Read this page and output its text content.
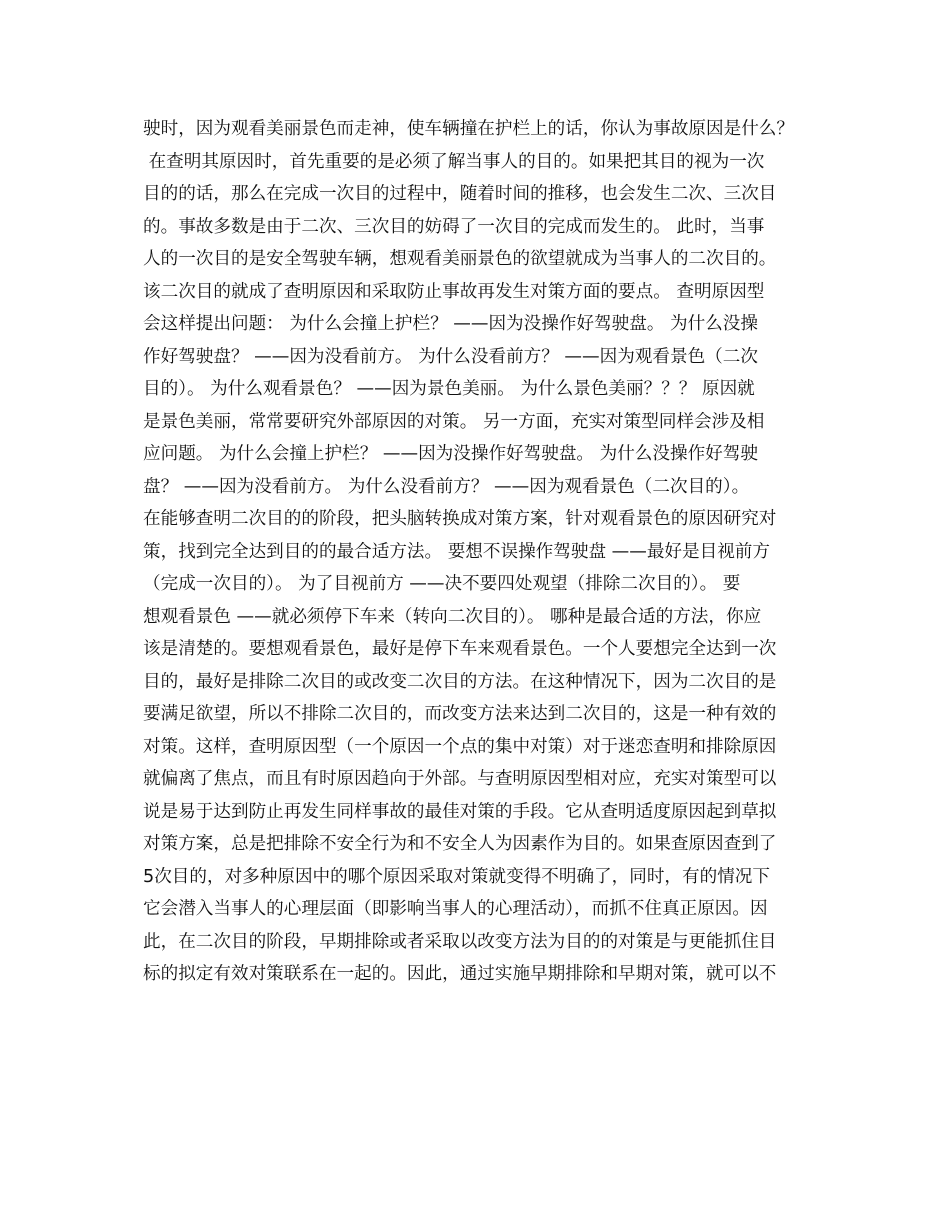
驶时，因为观看美丽景色而走神，使车辆撞在护栏上的话，你认为事故原因是什么？
在查明其原因时，首先重要的是必须了解当事人的目的。如果把其目的视为一次
目的的话，那么在完成一次目的过程中，随着时间的推移，也会发生二次、三次目
的。事故多数是由于二次、三次目的妨碍了一次目的完成而发生的。 此时，当事
人的一次目的是安全驾驶车辆，想观看美丽景色的欲望就成为当事人的二次目的。
该二次目的就成了查明原因和采取防止事故再发生对策方面的要点。 查明原因型
会这样提出问题： 为什么会撞上护栏？ ——因为没操作好驾驶盘。 为什么没操
作好驾驶盘？ ——因为没看前方。 为什么没看前方？ ——因为观看景色（二次
目的）。 为什么观看景色？ ——因为景色美丽。 为什么景色美丽？？？ 原因就
是景色美丽，常常要研究外部原因的对策。 另一方面，充实对策型同样会涉及相
应问题。 为什么会撞上护栏？ ——因为没操作好驾驶盘。 为什么没操作好驾驶
盘？ ——因为没看前方。 为什么没看前方？ ——因为观看景色（二次目的）。
在能够查明二次目的的阶段，把头脑转换成对策方案，针对观看景色的原因研究对
策，找到完全达到目的的最合适方法。 要想不误操作驾驶盘 ——最好是目视前方
（完成一次目的）。 为了目视前方 ——决不要四处观望（排除二次目的）。 要
想观看景色 ——就必须停下车来（转向二次目的）。 哪种是最合适的方法，你应
该是清楚的。要想观看景色，最好是停下车来观看景色。一个人要想完全达到一次
目的，最好是排除二次目的或改变二次目的方法。在这种情况下，因为二次目的是
要满足欲望，所以不排除二次目的，而改变方法来达到二次目的，这是一种有效的
对策。这样，查明原因型（一个原因一个点的集中对策）对于迷恋查明和排除原因
就偏离了焦点，而且有时原因趋向于外部。与查明原因型相对应，充实对策型可以
说是易于达到防止再发生同样事故的最佳对策的手段。它从查明适度原因起到草拟
对策方案，总是把排除不安全行为和不安全人为因素作为目的。如果查原因查到了
5次目的，对多种原因中的哪个原因采取对策就变得不明确了，同时，有的情况下
它会潜入当事人的心理层面（即影响当事人的心理活动），而抓不住真正原因。因
此，在二次目的阶段，早期排除或者采取以改变方法为目的的对策是与更能抓住目
标的拟定有效对策联系在一起的。因此，通过实施早期排除和早期对策，就可以不
